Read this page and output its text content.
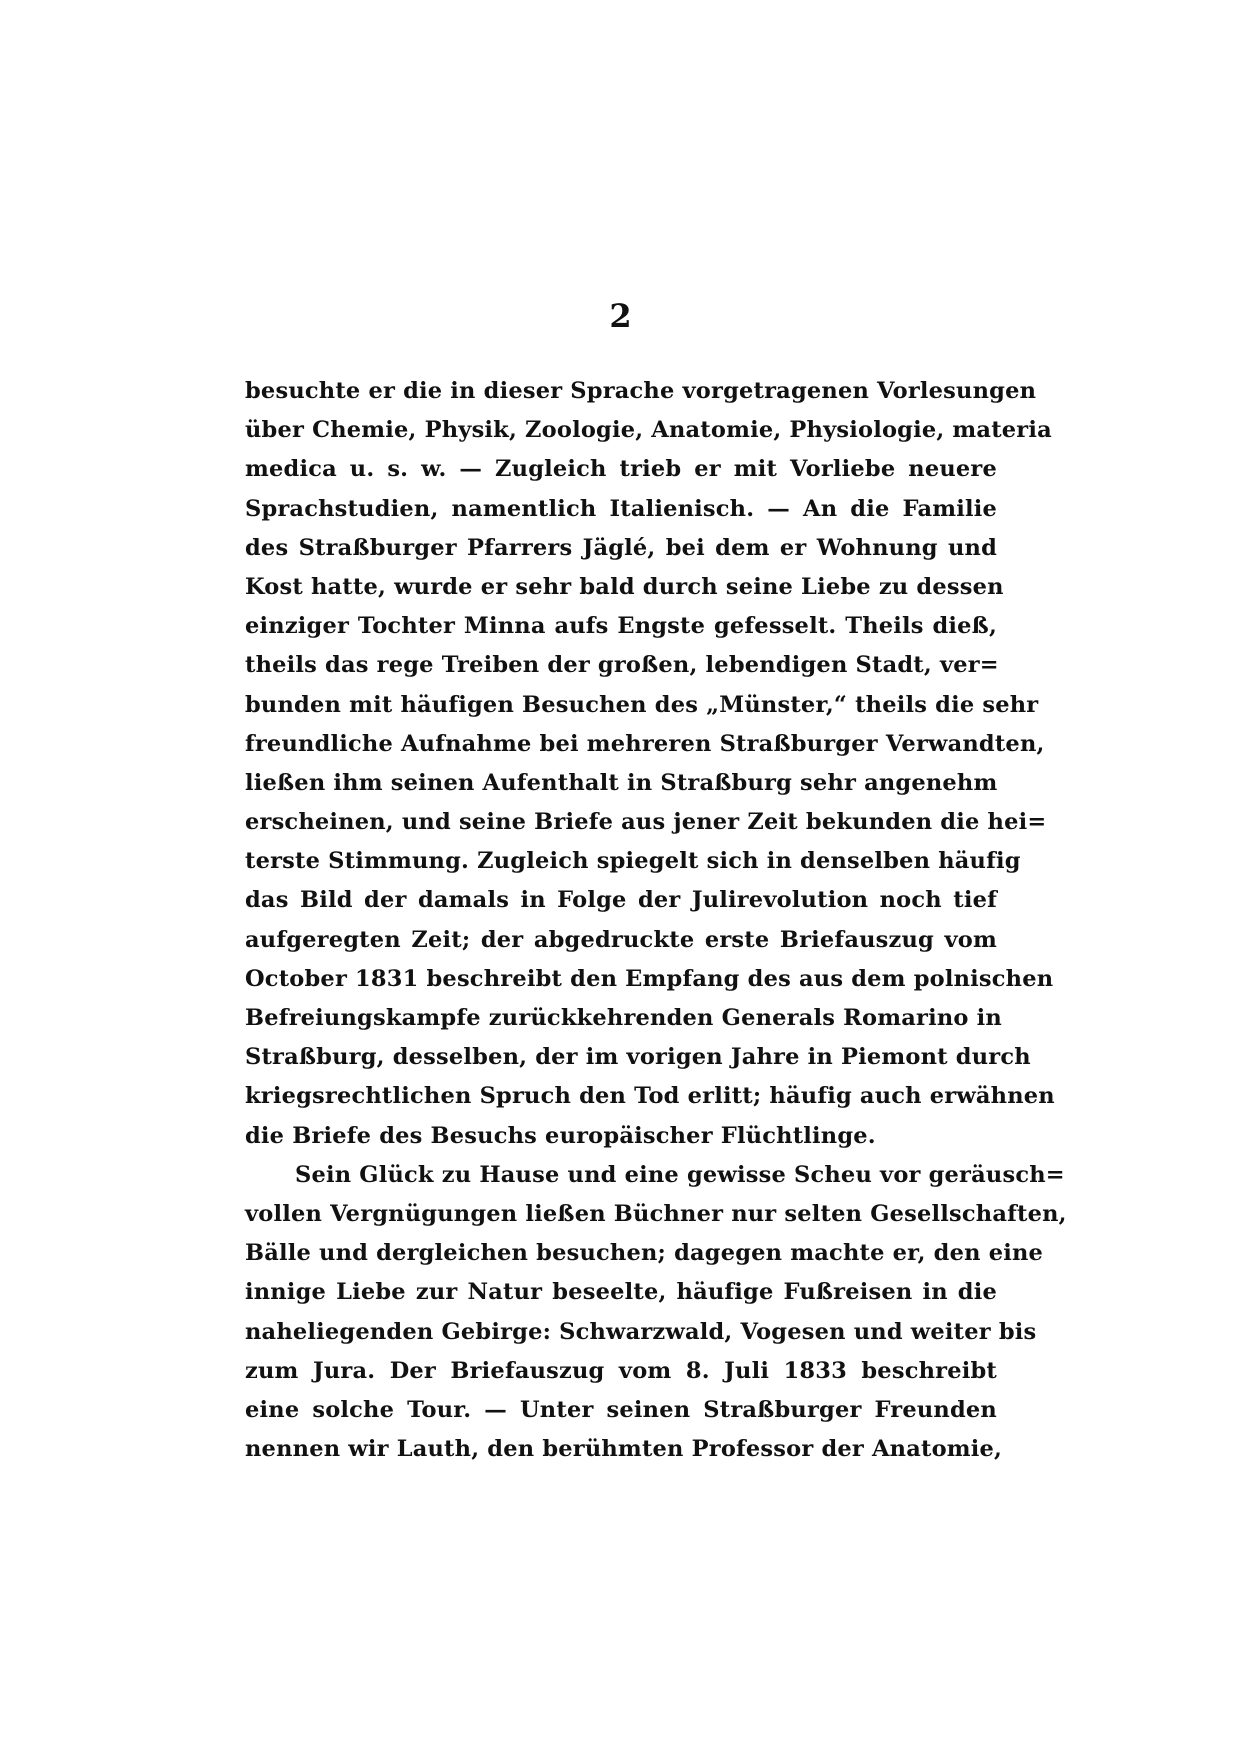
2
besuchte er die in dieser Sprache vorgetragenen Vorlesungen
über Chemie, Physik, Zoologie, Anatomie, Physiologie, materia
medica u. s. w. — Zugleich trieb er mit Vorliebe neuere
Sprachstudien, namentlich Italienisch. — An die Familie
des Straßburger Pfarrers Jäglé, bei dem er Wohnung und
Kost hatte, wurde er sehr bald durch seine Liebe zu dessen
einziger Tochter Minna aufs Engste gefesselt. Theils dieß,
theils das rege Treiben der großen, lebendigen Stadt, ver=
bunden mit häufigen Besuchen des „Münster,“ theils die sehr
freundliche Aufnahme bei mehreren Straßburger Verwandten,
ließen ihm seinen Aufenthalt in Straßburg sehr angenehm
erscheinen, und seine Briefe aus jener Zeit bekunden die hei=
terste Stimmung. Zugleich spiegelt sich in denselben häufig
das Bild der damals in Folge der Julirevolution noch tief
aufgeregten Zeit; der abgedruckte erste Briefauszug vom
October 1831 beschreibt den Empfang des aus dem polnischen
Befreiungskampfe zurückkehrenden Generals Romarino in
Straßburg, desselben, der im vorigen Jahre in Piemont durch
kriegsrechtlichen Spruch den Tod erlitt; häufig auch erwähnen
die Briefe des Besuchs europäischer Flüchtlinge.
Sein Glück zu Hause und eine gewisse Scheu vor geräusch=
vollen Vergnügungen ließen Büchner nur selten Gesellschaften,
Bälle und dergleichen besuchen; dagegen machte er, den eine
innige Liebe zur Natur beseelte, häufige Fußreisen in die
naheliegenden Gebirge: Schwarzwald, Vogesen und weiter bis
zum Jura. Der Briefauszug vom 8. Juli 1833 beschreibt
eine solche Tour. — Unter seinen Straßburger Freunden
nennen wir Lauth, den berühmten Professor der Anatomie,
